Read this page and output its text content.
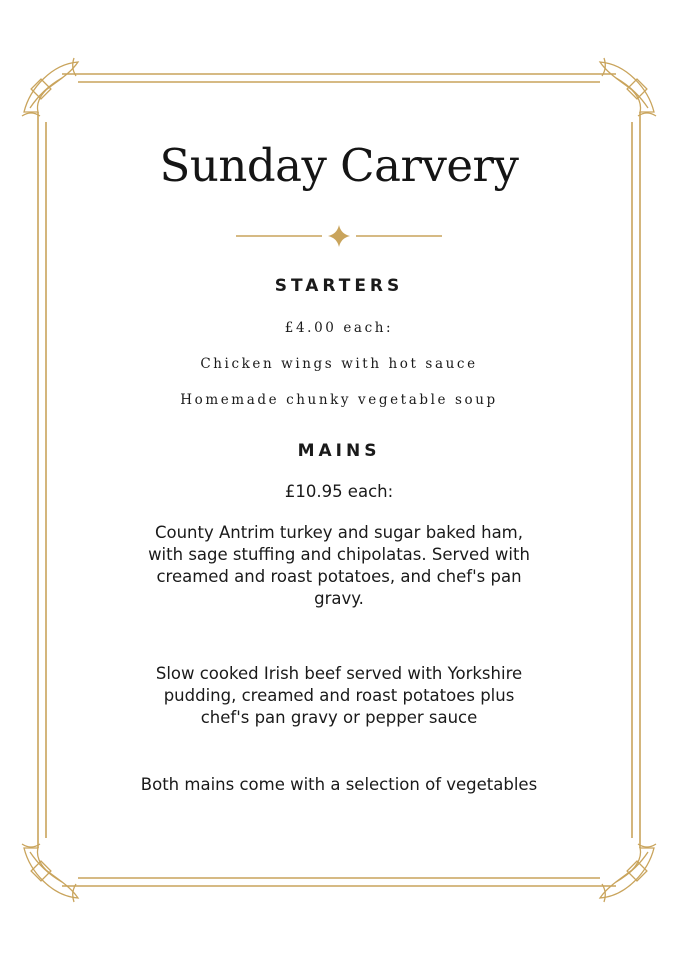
Sunday Carvery
STARTERS

£4.00 each:

Chicken wings with hot sauce

Homemade chunky vegetable soup

MAINS

£10.95 each:

County Antrim turkey and sugar baked ham, with sage stuffing and chipolatas. Served with creamed and roast potatoes, and chef's pan gravy.

Slow cooked Irish beef served with Yorkshire pudding, creamed and roast potatoes plus chef's pan gravy or pepper sauce

Both mains come with a selection of vegetables
